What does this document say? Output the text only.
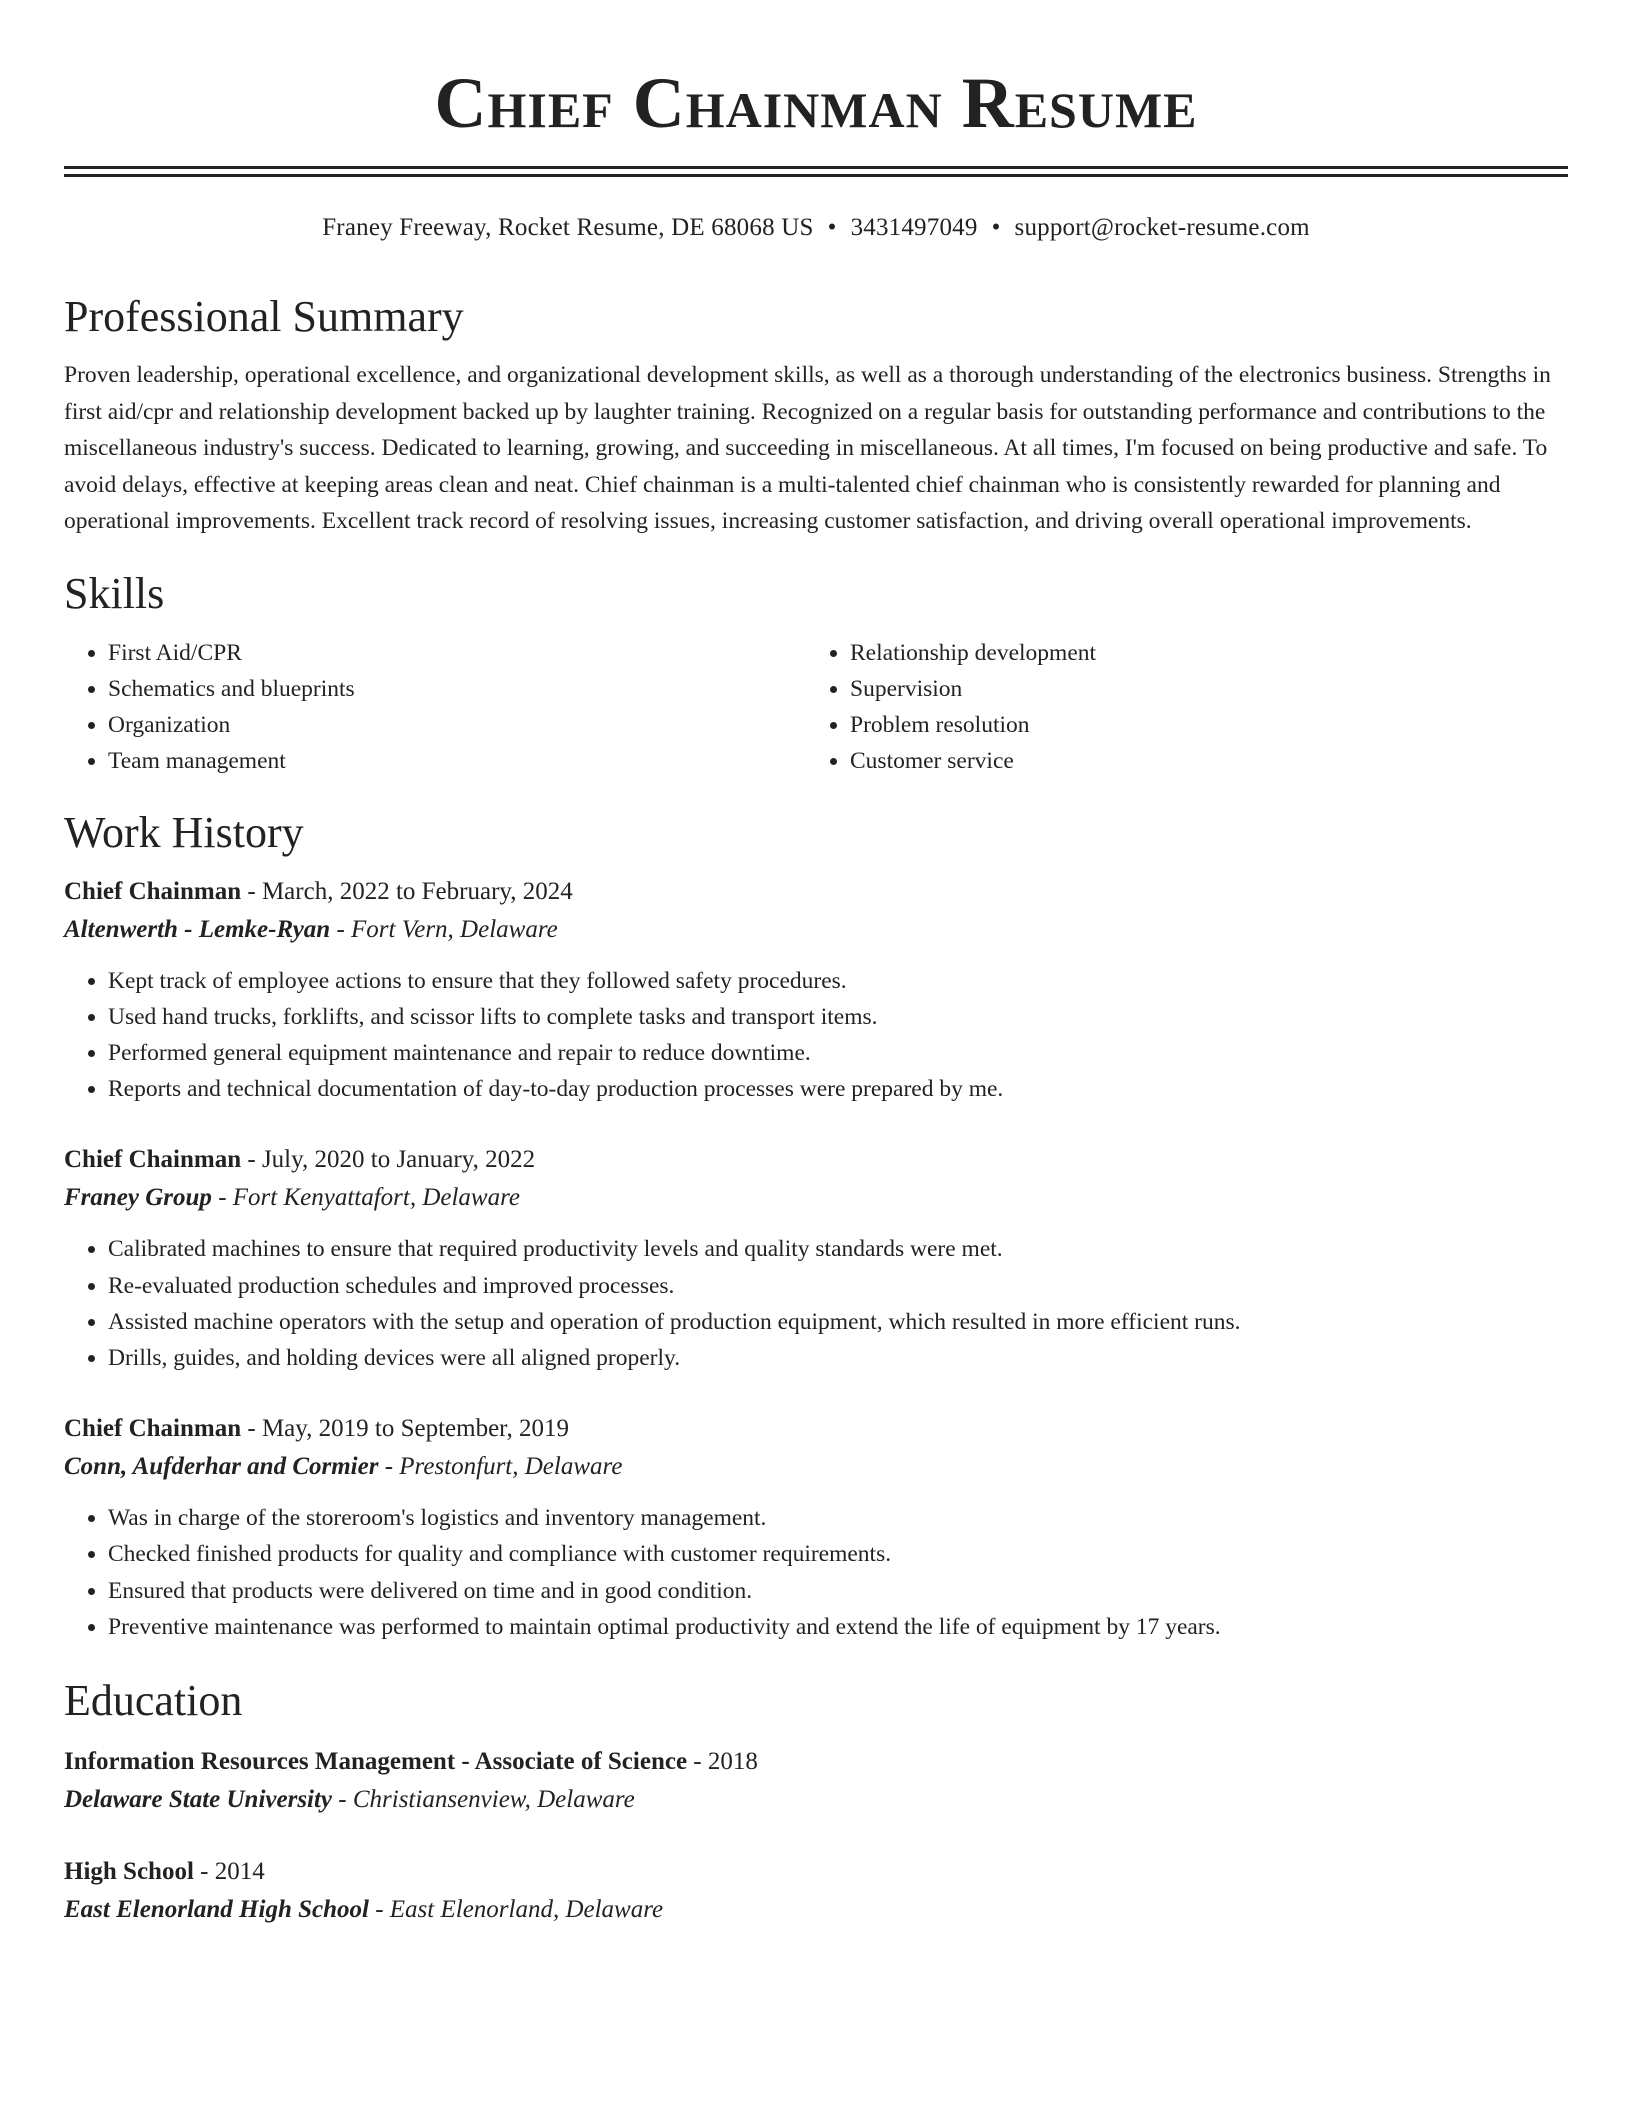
Chief Chainman Resume
Franey Freeway, Rocket Resume, DE 68068 US • 3431497049 • support@rocket-resume.com
Professional Summary

Proven leadership, operational excellence, and organizational development skills, as well as a thorough understanding of the electronics business. Strengths in first aid/cpr and relationship development backed up by laughter training. Recognized on a regular basis for outstanding performance and contributions to the miscellaneous industry's success. Dedicated to learning, growing, and succeeding in miscellaneous. At all times, I'm focused on being productive and safe. To avoid delays, effective at keeping areas clean and neat. Chief chainman is a multi-talented chief chainman who is consistently rewarded for planning and operational improvements. Excellent track record of resolving issues, increasing customer satisfaction, and driving overall operational improvements.

Skills
• First Aid/CPR
• Schematics and blueprints
• Organization
• Team management
• Relationship development
• Supervision
• Problem resolution
• Customer service
Work History

Chief Chainman - March, 2022 to February, 2024

Altenwerth - Lemke-Ryan - Fort Vern, Delaware

• Kept track of employee actions to ensure that they followed safety procedures.
• Used hand trucks, forklifts, and scissor lifts to complete tasks and transport items.
• Performed general equipment maintenance and repair to reduce downtime.
• Reports and technical documentation of day-to-day production processes were prepared by me.

Chief Chainman - July, 2020 to January, 2022

Franey Group - Fort Kenyattafort, Delaware

• Calibrated machines to ensure that required productivity levels and quality standards were met.
• Re-evaluated production schedules and improved processes.
• Assisted machine operators with the setup and operation of production equipment, which resulted in more efficient runs.
• Drills, guides, and holding devices were all aligned properly.

Chief Chainman - May, 2019 to September, 2019

Conn, Aufderhar and Cormier - Prestonfurt, Delaware

• Was in charge of the storeroom's logistics and inventory management.
• Checked finished products for quality and compliance with customer requirements.
• Ensured that products were delivered on time and in good condition.
• Preventive maintenance was performed to maintain optimal productivity and extend the life of equipment by 17 years.
Education

Information Resources Management - Associate of Science - 2018

Delaware State University - Christiansenview, Delaware

High School - 2014

East Elenorland High School - East Elenorland, Delaware
